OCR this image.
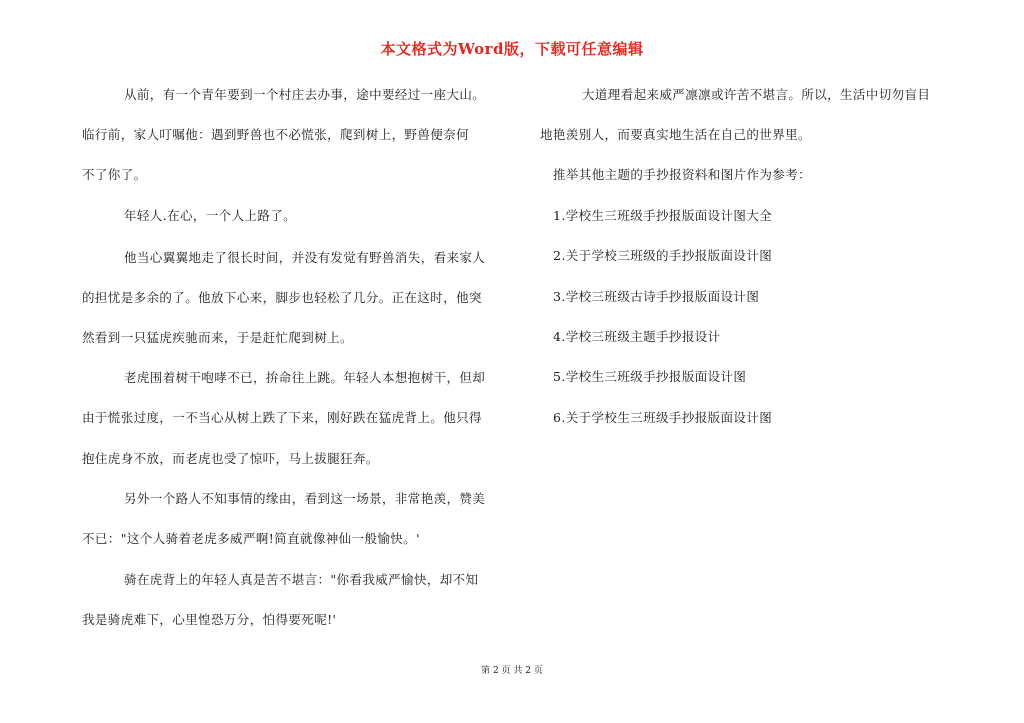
本文格式为Word版，下载可任意编辑
从前，有一个青年要到一个村庄去办事，途中要经过一座大山。
临行前，家人叮嘱他：遇到野兽也不必慌张，爬到树上，野兽便奈何
不了你了。
年轻人.在心，一个人上路了。
他当心翼翼地走了很长时间，并没有发觉有野兽消失，看来家人
的担忧是多余的了。他放下心来，脚步也轻松了几分。正在这时，他突
然看到一只猛虎疾驰而来，于是赶忙爬到树上。
老虎围着树干咆哮不已，拚命往上跳。年轻人本想抱树干，但却
由于慌张过度，一不当心从树上跌了下来，刚好跌在猛虎背上。他只得
抱住虎身不放，而老虎也受了惊吓，马上拔腿狂奔。
另外一个路人不知事情的缘由，看到这一场景，非常艳羡，赞美
不已："这个人骑着老虎多威严啊!简直就像神仙一般愉快。'
骑在虎背上的年轻人真是苦不堪言："你看我威严愉快，却不知
我是骑虎难下，心里惶恐万分，怕得要死呢!'
大道理看起来威严凛凛或许苦不堪言。所以，生活中切勿盲目
地艳羡别人，而要真实地生活在自己的世界里。
推举其他主题的手抄报资料和图片作为参考：
1.学校生三班级手抄报版面设计图大全
2.关于学校三班级的手抄报版面设计图
3.学校三班级古诗手抄报版面设计图
4.学校三班级主题手抄报设计
5.学校生三班级手抄报版面设计图
6.关于学校生三班级手抄报版面设计图
第 2 页 共 2 页
